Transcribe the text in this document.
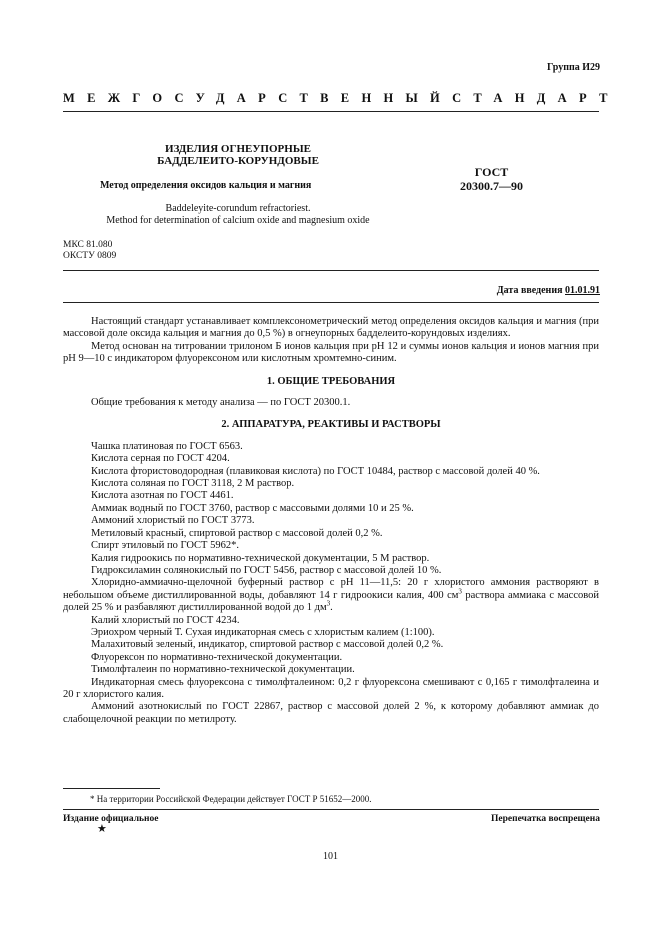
Группа И29
МЕЖГОСУДАРСТВЕННЫЙ СТАНДАРТ
ИЗДЕЛИЯ ОГНЕУПОРНЫЕ
БАДДЕЛЕИТО-КОРУНДОВЫЕ
Метод определения оксидов кальция и магния
ГОСТ
20300.7—90
Baddeleyite-corundum refractoriest.
Method for determination of calcium oxide and magnesium oxide
МКС 81.080
ОКСТУ 0809
Дата введения 01.01.91

Настоящий стандарт устанавливает комплексонометрический метод определения оксидов кальция и магния (при массовой доле оксида кальция и магния до 0,5 %) в огнеупорных бадделеито-корундовых изделиях.

Метод основан на титровании трилоном Б ионов кальция при pH 12 и суммы ионов кальция и ионов магния при pH 9—10 с индикатором флуорексоном или кислотным хромтемно-синим.

1. ОБЩИЕ ТРЕБОВАНИЯ

Общие требования к методу анализа — по ГОСТ 20300.1.

2. АППАРАТУРА, РЕАКТИВЫ И РАСТВОРЫ

Чашка платиновая по ГОСТ 6563.

Кислота серная по ГОСТ 4204.

Кислота фтористоводородная (плавиковая кислота) по ГОСТ 10484, раствор с массовой долей 40 %.

Кислота соляная по ГОСТ 3118, 2 М раствор.

Кислота азотная по ГОСТ 4461.

Аммиак водный по ГОСТ 3760, раствор с массовыми долями 10 и 25 %.

Аммоний хлористый по ГОСТ 3773.

Метиловый красный, спиртовой раствор с массовой долей 0,2 %.

Спирт этиловый по ГОСТ 5962*.

Калия гидроокись по нормативно-технической документации, 5 М раствор.

Гидроксиламин солянокислый по ГОСТ 5456, раствор с массовой долей 10 %.

Хлоридно-аммиачно-щелочной буферный раствор с pH 11—11,5: 20 г хлористого аммония растворяют в небольшом объеме дистиллированной воды, добавляют 14 г гидроокиси калия, 400 $см^3$ раствора аммиака с массовой долей 25 % и разбавляют дистиллированной водой до 1 $дм^3$.

Калий хлористый по ГОСТ 4234.

Эриохром черный Т. Сухая индикаторная смесь с хлористым калием (1:100).

Малахитовый зеленый, индикатор, спиртовой раствор с массовой долей 0,2 %.

Флуорексон по нормативно-технической документации.

Тимолфталеин по нормативно-технической документации.

Индикаторная смесь флуорексона с тимолфталеином: 0,2 г флуорексона смешивают с 0,165 г тимолфталеина и 20 г хлористого калия.

Аммоний азотнокислый по ГОСТ 22867, раствор с массовой долей 2 %, к которому добавляют аммиак до слабощелочной реакции по метилроту.

* На территории Российской Федерации действует ГОСТ Р 51652—2000.
Издание официальное	Перепечатка воспрещена
★
101
